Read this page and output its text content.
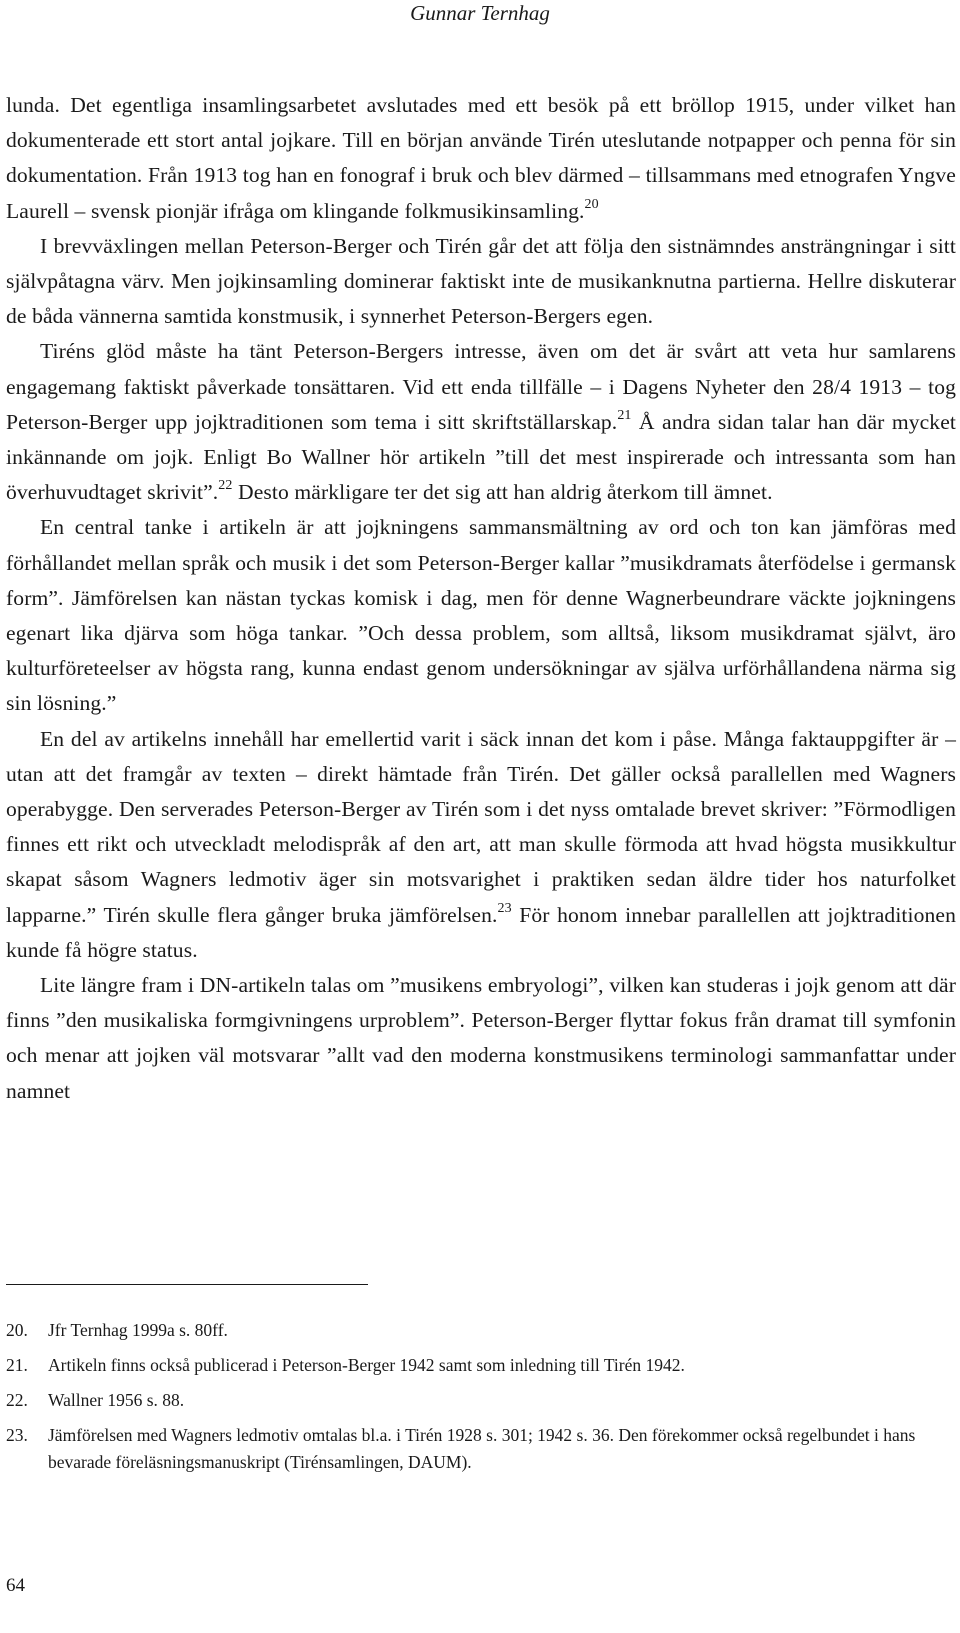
Gunnar Ternhag

lunda. Det egentliga insamlingsarbetet avslutades med ett besök på ett bröllop 1915, under vilket han dokumenterade ett stort antal jojkare. Till en början använde Tirén uteslutande notpapper och penna för sin dokumentation. Från 1913 tog han en fonograf i bruk och blev därmed – tillsammans med etnografen Yngve Laurell – svensk pionjär ifråga om klingande folkmusikinsamling.$^{20}$

I brevväxlingen mellan Peterson-Berger och Tirén går det att följa den sistnämndes ansträngningar i sitt självpåtagna värv. Men jojkinsamling dominerar faktiskt inte de musikanknutna partierna. Hellre diskuterar de båda vännerna samtida konstmusik, i synnerhet Peterson-Bergers egen.

Tiréns glöd måste ha tänt Peterson-Bergers intresse, även om det är svårt att veta hur samlarens engagemang faktiskt påverkade tonsättaren. Vid ett enda tillfälle – i Dagens Nyheter den 28/4 1913 – tog Peterson-Berger upp jojktraditionen som tema i sitt skriftställarskap.$^{21}$ Å andra sidan talar han där mycket inkännande om jojk. Enligt Bo Wallner hör artikeln ”till det mest inspirerade och intressanta som han överhuvudtaget skrivit”.$^{22}$ Desto märkligare ter det sig att han aldrig återkom till ämnet.

En central tanke i artikeln är att jojkningens sammansmältning av ord och ton kan jämföras med förhållandet mellan språk och musik i det som Peterson-Berger kallar ”musikdramats återfödelse i germansk form”. Jämförelsen kan nästan tyckas komisk i dag, men för denne Wagnerbeundrare väckte jojkningens egenart lika djärva som höga tankar. ”Och dessa problem, som alltså, liksom musikdramat självt, äro kulturföreteelser av högsta rang, kunna endast genom undersökningar av själva urförhållandena närma sig sin lösning.”

En del av artikelns innehåll har emellertid varit i säck innan det kom i påse. Många faktauppgifter är – utan att det framgår av texten – direkt hämtade från Tirén. Det gäller också parallellen med Wagners operabygge. Den serverades Peterson-Berger av Tirén som i det nyss omtalade brevet skriver: ”Förmodligen finnes ett rikt och utveckladt melodispråk af den art, att man skulle förmoda att hvad högsta musikkultur skapat såsom Wagners ledmotiv äger sin motsvarighet i praktiken sedan äldre tider hos naturfolket lapparne.” Tirén skulle flera gånger bruka jämförelsen.$^{23}$ För honom innebar parallellen att jojktraditionen kunde få högre status.

Lite längre fram i DN-artikeln talas om ”musikens embryologi”, vilken kan studeras i jojk genom att där finns ”den musikaliska formgivningens urproblem”. Peterson-Berger flyttar fokus från dramat till symfonin och menar att jojken väl motsvarar ”allt vad den moderna konstmusikens terminologi sammanfattar under namnet

20.	Jfr Ternhag 1999a s. 80ff.
21.	Artikeln finns också publicerad i Peterson-Berger 1942 samt som inledning till Tirén 1942.
22.	Wallner 1956 s. 88.
23.	Jämförelsen med Wagners ledmotiv omtalas bl.a. i Tirén 1928 s. 301; 1942 s. 36. Den förekommer också regelbundet i hans bevarade föreläsningsmanuskript (Tirénsamlingen, DAUM).
64
